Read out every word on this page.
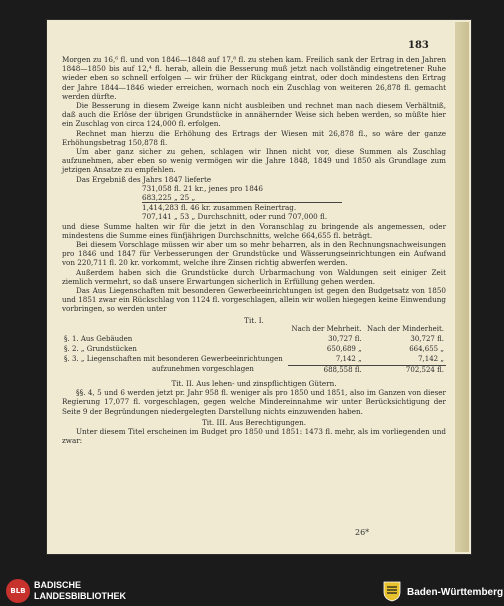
183

Morgen zu 16,⁶ fl. und von 1846—1848 auf 17,⁸ fl. zu stehen kam. Freilich sank der Ertrag in den Jahren 1848—1850 bis auf 12,⁴ fl. herab, allein die Besserung muß jetzt nach vollständig eingetretener Ruhe wieder eben so schnell erfolgen — wir früher der Rückgang eintrat, oder doch mindestens den Ertrag der Jahre 1844—1846 wieder erreichen, wornach noch ein Zuschlag von weiteren 26,878 fl. gemacht werden dürfte.

Die Besserung in diesem Zweige kann nicht ausbleiben und rechnet man nach diesem Verhältniß, daß auch die Erlöse der übrigen Grundstücke in annähernder Weise sich heben werden, so müßte hier ein Zuschlag von circa 124,000 fl. erfolgen.

Rechnet man hierzu die Erhöhung des Ertrags der Wiesen mit 26,878 fl., so wäre der ganze Erhöhungsbetrag 150,878 fl.

Um aber ganz sicher zu gehen, schlagen wir Ihnen nicht vor, diese Summen als Zuschlag aufzunehmen, aber eben so wenig vermögen wir die Jahre 1848, 1849 und 1850 als Grundlage zum jetzigen Ansatze zu empfehlen.

Das Ergebniß des Jahrs 1847 lieferte

731,058 fl. 21 kr., jenes pro 1846
683,225 „ 25 „
1,414,283 fl. 46 kr. zusammen Reinertrag.
707,141 „ 53 „ Durchschnitt, oder rund 707,000 fl.

und diese Summe halten wir für die jetzt in den Voranschlag zu bringende als angemessen, oder mindestens die Summe eines fünfjährigen Durchschnitts, welche 664,655 fl. beträgt.

Bei diesem Vorschlage müssen wir aber um so mehr beharren, als in den Rechnungsnachweisungen pro 1846 und 1847 für Verbesserungen der Grundstücke und Wässerungseinrichtungen ein Aufwand von 220,711 fl. 20 kr. vorkommt, welche ihre Zinsen richtig abwerfen werden.

Außerdem haben sich die Grundstücke durch Urbarmachung von Waldungen seit einiger Zeit ziemlich vermehrt, so daß unsere Erwartungen sicherlich in Erfüllung gehen werden.

Das Aus Liegenschaften mit besonderen Gewerbeeinrichtungen ist gegen den Budgetsatz von 1850 und 1851 zwar ein Rückschlag von 1124 fl. vorgeschlagen, allein wir wollen hiegegen keine Einwendung vorbringen, so werden unter

Tit. I.

	Nach der Mehrheit.	Nach der Minderheit.
§. 1. Aus Gebäuden	30,727 fl.	30,727 fl.
§. 2. „ Grundstücken	650,689 „	664,655 „
§. 3. „ Liegenschaften mit besonderen Gewerbeeinrichtungen	7,142 „	7,142 „
aufzunehmen vorgeschlagen	688,558 fl.	702,524 fl.

Tit. II. Aus lehen- und zinspflichtigen Gütern.

§§. 4, 5 und 6 werden jetzt pr. Jahr 958 fl. weniger als pro 1850 und 1851, also im Ganzen von dieser Regierung 17,077 fl. vorgeschlagen, gegen welche Mindereinnahme wir unter Berücksichtigung der Seite 9 der Begründungen niedergelegten Darstellung nichts einzuwenden haben.

Tit. III. Aus Berechtigungen.

Unter diesem Titel erscheinen im Budget pro 1850 und 1851: 1473 fl. mehr, als im vorliegenden und zwar:

26*
BLB
BADISCHE
LANDESBIBLIOTHEK	Baden-Württemberg
